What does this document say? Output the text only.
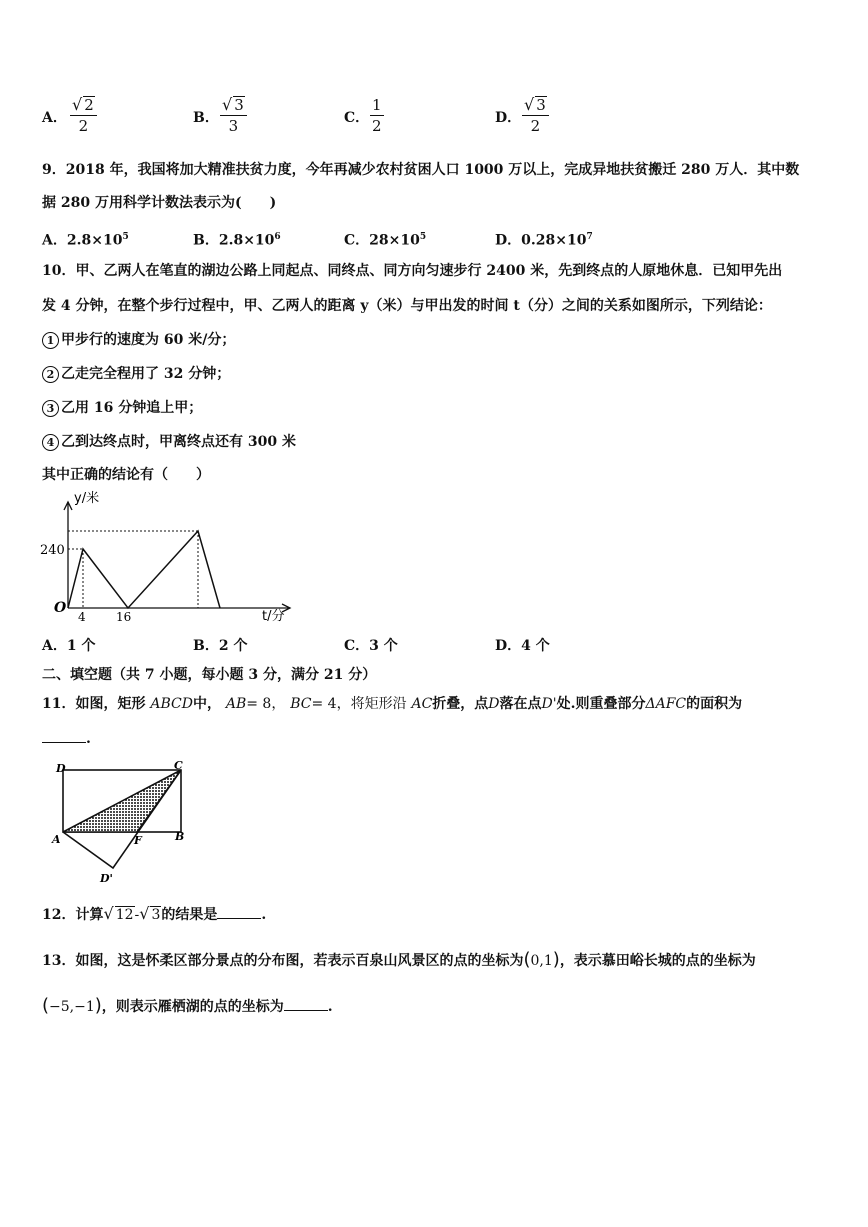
A． $\frac{√ 2}{2}$	B． $\frac{√ 3}{3}$	C． $\frac{1}{2}$	D． $\frac{√ 3}{2}$
9．2018 年，我国将加大精准扶贫力度，今年再减少农村贫困人口 1000 万以上，完成异地扶贫搬迁 280 万人．其中数
据 280 万用科学计数法表示为(　　)
A．$2.8\times 10^5$	B．$2.8\times 10^6$	C．$28\times 10^5$	D．$0.28\times 10^7$
10．甲、乙两人在笔直的湖边公路上同起点、同终点、同方向匀速步行 2400 米，先到终点的人原地休息．已知甲先出
发 4 分钟，在整个步行过程中，甲、乙两人的距离 y（米）与甲出发的时间 t（分）之间的关系如图所示，下列结论：
1 甲步行的速度为 60 米/分；
2 乙走完全程用了 32 分钟；
3 乙用 16 分钟追上甲；
4 乙到达终点时，甲离终点还有 300 米
其中正确的结论有（　　）
y/米
t/分
O
240
4	16
A．1 个	B．2 个	C．3 个	D．4 个
二、填空题（共 7 小题，每小题 3 分，满分 21 分）
11．如图，矩形 ABCD中， AB= 8， BC= 4，将矩形沿 AC折叠，点D落在点D'处.则重叠部分ΔAFC的面积为
.
D	C
A	F	B
D'
12．计算√ 12-√ 3的结果是	.
13．如图，这是怀柔区部分景点的分布图，若表示百泉山风景区的点的坐标为(0,1)，表示慕田峪长城的点的坐标为
(−5,−1)，则表示雁栖湖的点的坐标为	.
